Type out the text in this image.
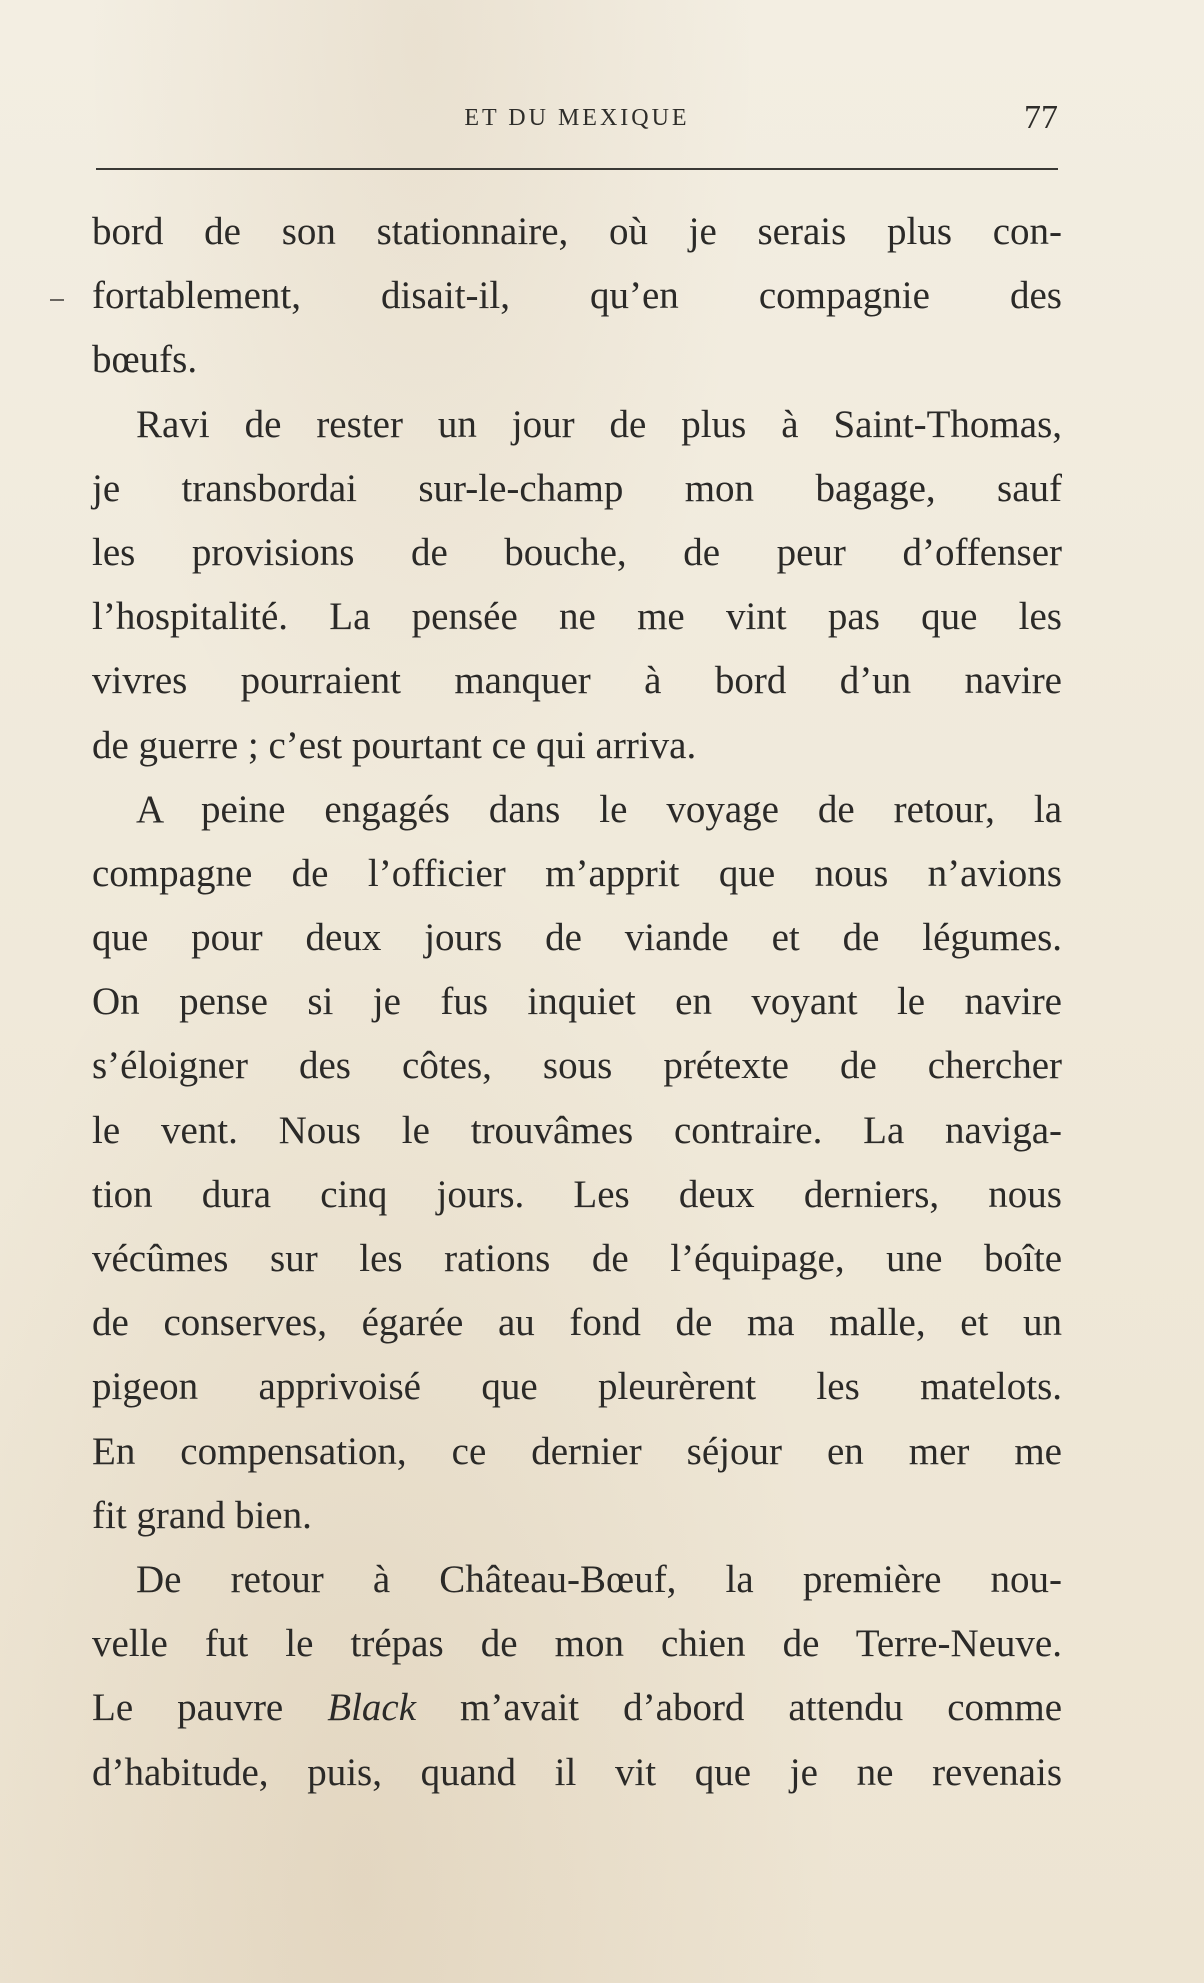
ET DU MEXIQUE	77
bord de son stationnaire, où je serais plus con-
fortablement, disait-il, qu’en compagnie des
bœufs.
Ravi de rester un jour de plus à Saint-Thomas,
je transbordai sur-le-champ mon bagage, sauf
les provisions de bouche, de peur d’offenser
l’hospitalité. La pensée ne me vint pas que les
vivres pourraient manquer à bord d’un navire
de guerre ; c’est pourtant ce qui arriva.
A peine engagés dans le voyage de retour, la
compagne de l’officier m’apprit que nous n’avions
que pour deux jours de viande et de légumes.
On pense si je fus inquiet en voyant le navire
s’éloigner des côtes, sous prétexte de chercher
le vent. Nous le trouvâmes contraire. La naviga-
tion dura cinq jours. Les deux derniers, nous
vécûmes sur les rations de l’équipage, une boîte
de conserves, égarée au fond de ma malle, et un
pigeon apprivoisé que pleurèrent les matelots.
En compensation, ce dernier séjour en mer me
fit grand bien.
De retour à Château-Bœuf, la première nou-
velle fut le trépas de mon chien de Terre-Neuve.
Le pauvre Black m’avait d’abord attendu comme
d’habitude, puis, quand il vit que je ne revenais
